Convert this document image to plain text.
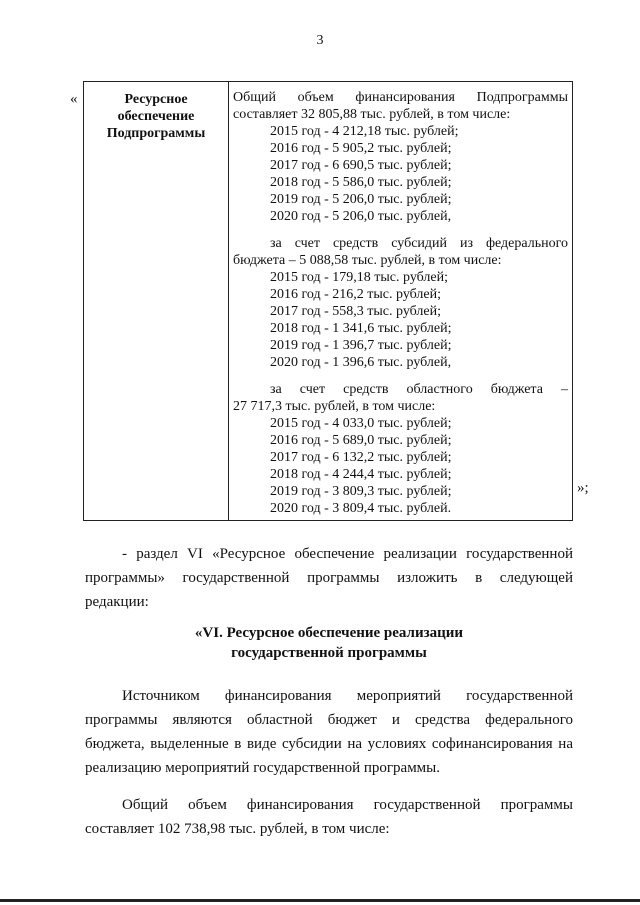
3
«	Ресурсное
обеспечение
Подпрограммы
Общий объем финансирования Подпрограммы
составляет 32 805,88 тыс. рублей, в том числе:
2015 год - 4 212,18 тыс. рублей;
2016 год - 5 905,2 тыс. рублей;
2017 год - 6 690,5 тыс. рублей;
2018 год - 5 586,0 тыс. рублей;
2019 год - 5 206,0 тыс. рублей;
2020 год - 5 206,0 тыс. рублей,
за счет средств субсидий из федерального
бюджета – 5 088,58 тыс. рублей, в том числе:
2015 год - 179,18 тыс. рублей;
2016 год - 216,2 тыс. рублей;
2017 год - 558,3 тыс. рублей;
2018 год - 1 341,6 тыс. рублей;
2019 год - 1 396,7 тыс. рублей;
2020 год - 1 396,6 тыс. рублей,
за счет средств областного бюджета –
27 717,3 тыс. рублей, в том числе:
2015 год - 4 033,0 тыс. рублей;
2016 год - 5 689,0 тыс. рублей;
2017 год - 6 132,2 тыс. рублей;
2018 год - 4 244,4 тыс. рублей;
2019 год - 3 809,3 тыс. рублей;
2020 год - 3 809,4 тыс. рублей.
»;
- раздел VI «Ресурсное обеспечение реализации государственной
программы» государственной программы изложить в следующей
редакции:
«VI. Ресурсное обеспечение реализации
государственной программы
Источником финансирования мероприятий государственной
программы являются областной бюджет и средства федерального
бюджета, выделенные в виде субсидии на условиях софинансирования на
реализацию мероприятий государственной программы.
Общий объем финансирования государственной программы
составляет 102 738,98 тыс. рублей, в том числе:
